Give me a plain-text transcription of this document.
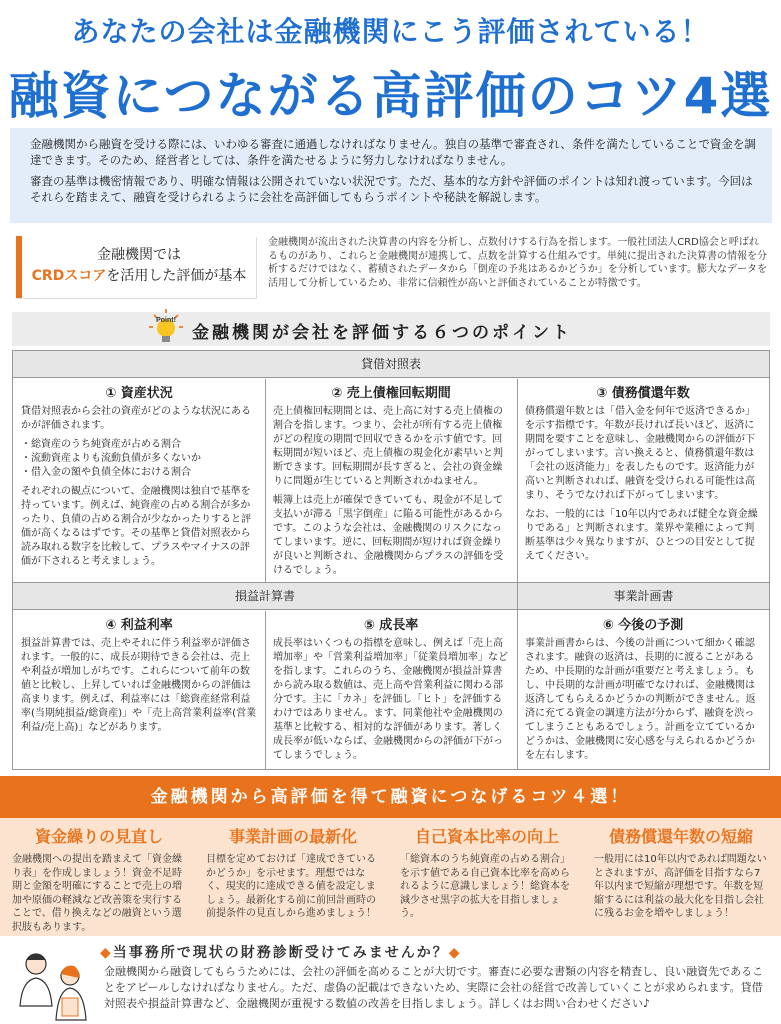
あなたの会社は金融機関にこう評価されている！
融資につながる高評価のコツ4選

金融機関から融資を受ける際には、いわゆる審査に通過しなければなりません。独自の基準で審査され、条件を満たしていることで資金を調達できます。そのため、経営者としては、条件を満たせるように努力しなければなりません。

審査の基準は機密情報であり、明確な情報は公開されていない状況です。ただ、基本的な方針や評価のポイントは知れ渡っています。今回はそれらを踏まえて、融資を受けられるように会社を高評価してもらうポイントや秘訣を解説します。

金融機関では
CRDスコアを活用した評価が基本
金融機関が流出された決算書の内容を分析し、点数付けする行為を指します。一般社団法人CRD協会と呼ばれるものがあり、これらと金融機関が連携して、点数を計算する仕組みです。単純に提出された決算書の情報を分析するだけではなく、蓄積されたデータから「倒産の予兆はあるかどうか」を分析しています。膨大なデータを活用して分析しているため、非常に信頼性が高いと評価されていることが特徴です。
Point!
金融機関が会社を評価する６つのポイント
貸借対照表
① 資産状況

貸借対照表から会社の資産がどのような状況にあるかが評価されます。

・総資産のうち純資産が占める割合
・流動資産よりも流動負債が多くないか
・借入金の額や負債全体における割合

それぞれの観点について、金融機関は独自で基準を持っています。例えば、純資産の占める割合が多かったり、負債の占める割合が少なかったりすると評価が高くなるはずです。その基準と貸借対照表から読み取れる数字を比較して、プラスやマイナスの評価が下されると考えましょう。

② 売上債権回転期間

売上債権回転期間とは、売上高に対する売上債権の割合を指します。つまり、会社が所有する売上債権がどの程度の期間で回収できるかを示す値です。回転期間が短いほど、売上債権の現金化が素早いと判断できます。回転期間が長すぎると、会社の資金繰りに問題が生じていると判断されかねません。

帳簿上は売上が確保できていても、現金が不足して支払いが滞る「黒字倒産」に陥る可能性があるからです。このような会社は、金融機関のリスクになってしまいます。逆に、回転期間が短ければ資金繰りが良いと判断され、金融機関からプラスの評価を受けるでしょう。

③ 債務償還年数

債務償還年数とは「借入金を何年で返済できるか」を示す指標です。年数が長ければ長いほど、返済に期間を要すことを意味し、金融機関からの評価が下がってしまいます。言い換えると、債務償還年数は「会社の返済能力」を表したものです。返済能力が高いと判断されれば、融資を受けられる可能性は高まり、そうでなければ下がってしまいます。

なお、一般的には「10年以内であれば健全な資金繰りである」と判断されます。業界や業種によって判断基準は少々異なりますが、ひとつの目安として捉えてください。

損益計算書	事業計画書
④ 利益利率

損益計算書では、売上やそれに伴う利益率が評価されます。一般的に、成長が期待できる会社は、売上や利益が増加しがちです。これらについて前年の数値と比較し、上昇していれば金融機関からの評価は高まります。例えば、利益率には「総資産経常利益率(当期純損益/総資産)」や「売上高営業利益率(営業利益/売上高)」などがあります。

⑤ 成長率

成長率はいくつもの指標を意味し、例えば「売上高増加率」や「営業利益増加率」「従業員増加率」などを指します。これらのうち、金融機関が損益計算書から読み取る数値は、売上高や営業利益に関わる部分です。主に「カネ」を評価し「ヒト」を評価するわけではありません。ます、同業他社や金融機関の基準と比較する、相対的な評価があります。著しく成長率が低いならば、金融機関からの評価が下がってしまうでしょう。

⑥ 今後の予測

事業計画書からは、今後の計画について細かく確認されます。融資の返済は、長期的に渡ることがあるため、中長期的な計画が重要だと考えましょう。もし、中長期的な計画が明確でなければ、金融機関は返済してもらえるかどうかの判断ができません。返済に充てる資金の調達方法が分からず、融資を渋ってしまうこともあるでしょう。計画を立てているかどうかは、金融機関に安心感を与えられるかどうかを左右します。

金融機関から高評価を得て融資につなげるコツ４選！
資金繰りの見直し

金融機関への提出を踏まえて「資金繰り表」を作成しましょう！資金不足時期と金額を明確にすることで売上の増加や原価の軽減など改善策を実行することで、借り換えなどの融資という選択肢もあります。

事業計画の最新化

目標を定めておけば「達成できているかどうか」を示せます。理想ではなく、現実的に達成できる値を設定しましょう。最新化する前に前回計画時の前提条件の見直しから進めましょう！

自己資本比率の向上

「総資本のうち純資産の占める割合」を示す値である自己資本比率を高められるように意識しましょう！総資本を減少させ黒字の拡大を目指しましょう。

債務償還年数の短縮

一般用には10年以内であれば問題ないとされますが、高評価を目指すなら7年以内まで短縮が理想です。年数を短縮するには利益の最大化を目指し会社に残るお金を増やしましょう！

◆当事務所で現状の財務診断受けてみませんか？◆
金融機関から融資してもらうためには、会社の評価を高めることが大切です。審査に必要な書類の内容を精査し、良い融資先であることをアピールしなければなりません。ただ、虚偽の記載はできないため、実際に会社の経営で改善していくことが求められます。貸借対照表や損益計算書など、金融機関が重視する数値の改善を目指しましょう。詳しくはお問い合わせください♪
